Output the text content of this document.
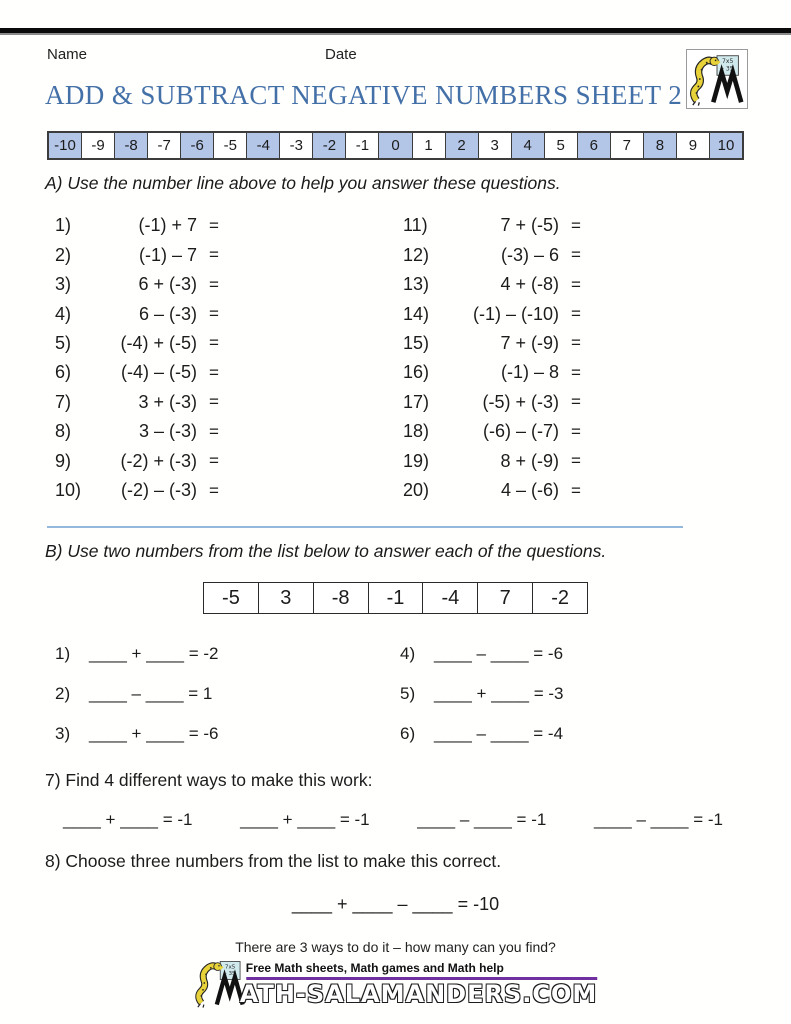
Name	Date	7x5
- 35
ADD & SUBTRACT NEGATIVE NUMBERS SHEET 2
-10	-9	-8	-7	-6	-5	-4	-3	-2	-1	0	1	2	3	4	5	6	7	8	9	10
A) Use the number line above to help you answer these questions.
1)	(-1) + 7 =
2)	(-1) – 7 =
3)	6 + (-3) =
4)	6 – (-3) =
5)	(-4) + (-5) =
6)	(-4) – (-5) =
7)	3 + (-3) =
8)	3 – (-3) =
9)	(-2) + (-3) =
10)	(-2) – (-3) =
11)	7 + (-5) =
12)	(-3) – 6 =
13)	4 + (-8) =
14)	(-1) – (-10) =
15)	7 + (-9) =
16)	(-1) – 8 =
17)	(-5) + (-3) =
18)	(-6) – (-7) =
19)	8 + (-9) =
20)	4 – (-6) =
B) Use two numbers from the list below to answer each of the questions.
-5	3	-8	-1	-4	7	-2
1)	____ + ____ = -2
2)	____ – ____ = 1
3)	____ + ____ = -6
4)	____ – ____ = -6
5)	____ + ____ = -3
6)	____ – ____ = -4
7) Find 4 different ways to make this work:
____ + ____ = -1	____ + ____ = -1	____ – ____ = -1	____ – ____ = -1
8) Choose three numbers from the list to make this correct.
____ + ____ – ____ = -10
There are 3 ways to do it – how many can you find?
7x5
- 35 Free Math sheets, Math games and Math help
ATH-SALAMANDERS.COM
